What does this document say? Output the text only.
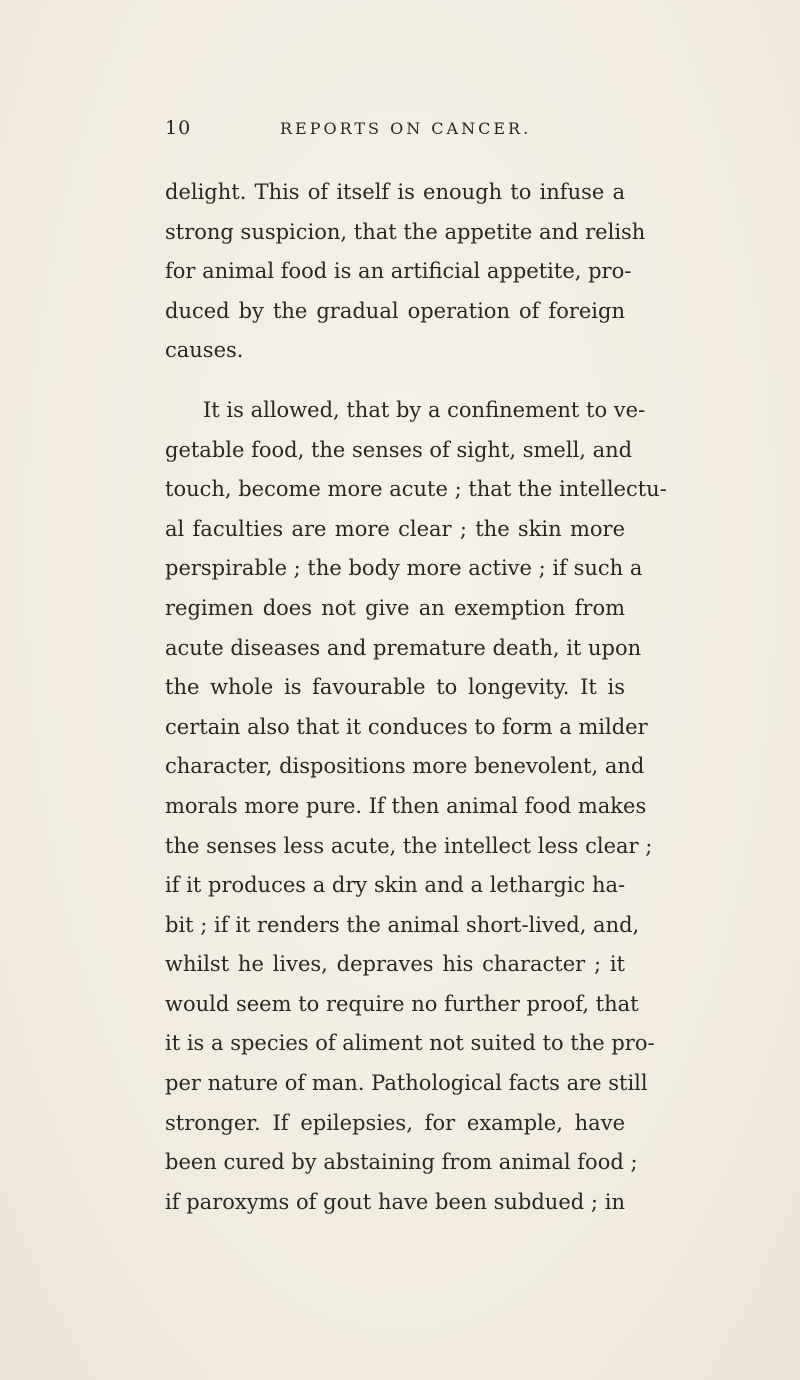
10	REPORTS ON CANCER.
delight. This of itself is enough to infuse a
strong suspicion, that the appetite and relish
for animal food is an artificial appetite, pro-
duced by the gradual operation of foreign
causes.
It is allowed, that by a confinement to ve-
getable food, the senses of sight, smell, and
touch, become more acute ; that the intellectu-
al faculties are more clear ; the skin more
perspirable ; the body more active ; if such a
regimen does not give an exemption from
acute diseases and premature death, it upon
the whole is favourable to longevity. It is
certain also that it conduces to form a milder
character, dispositions more benevolent, and
morals more pure. If then animal food makes
the senses less acute, the intellect less clear ;
if it produces a dry skin and a lethargic ha-
bit ; if it renders the animal short-lived, and,
whilst he lives, depraves his character ; it
would seem to require no further proof, that
it is a species of aliment not suited to the pro-
per nature of man. Pathological facts are still
stronger. If epilepsies, for example, have
been cured by abstaining from animal food ;
if paroxyms of gout have been subdued ; in
